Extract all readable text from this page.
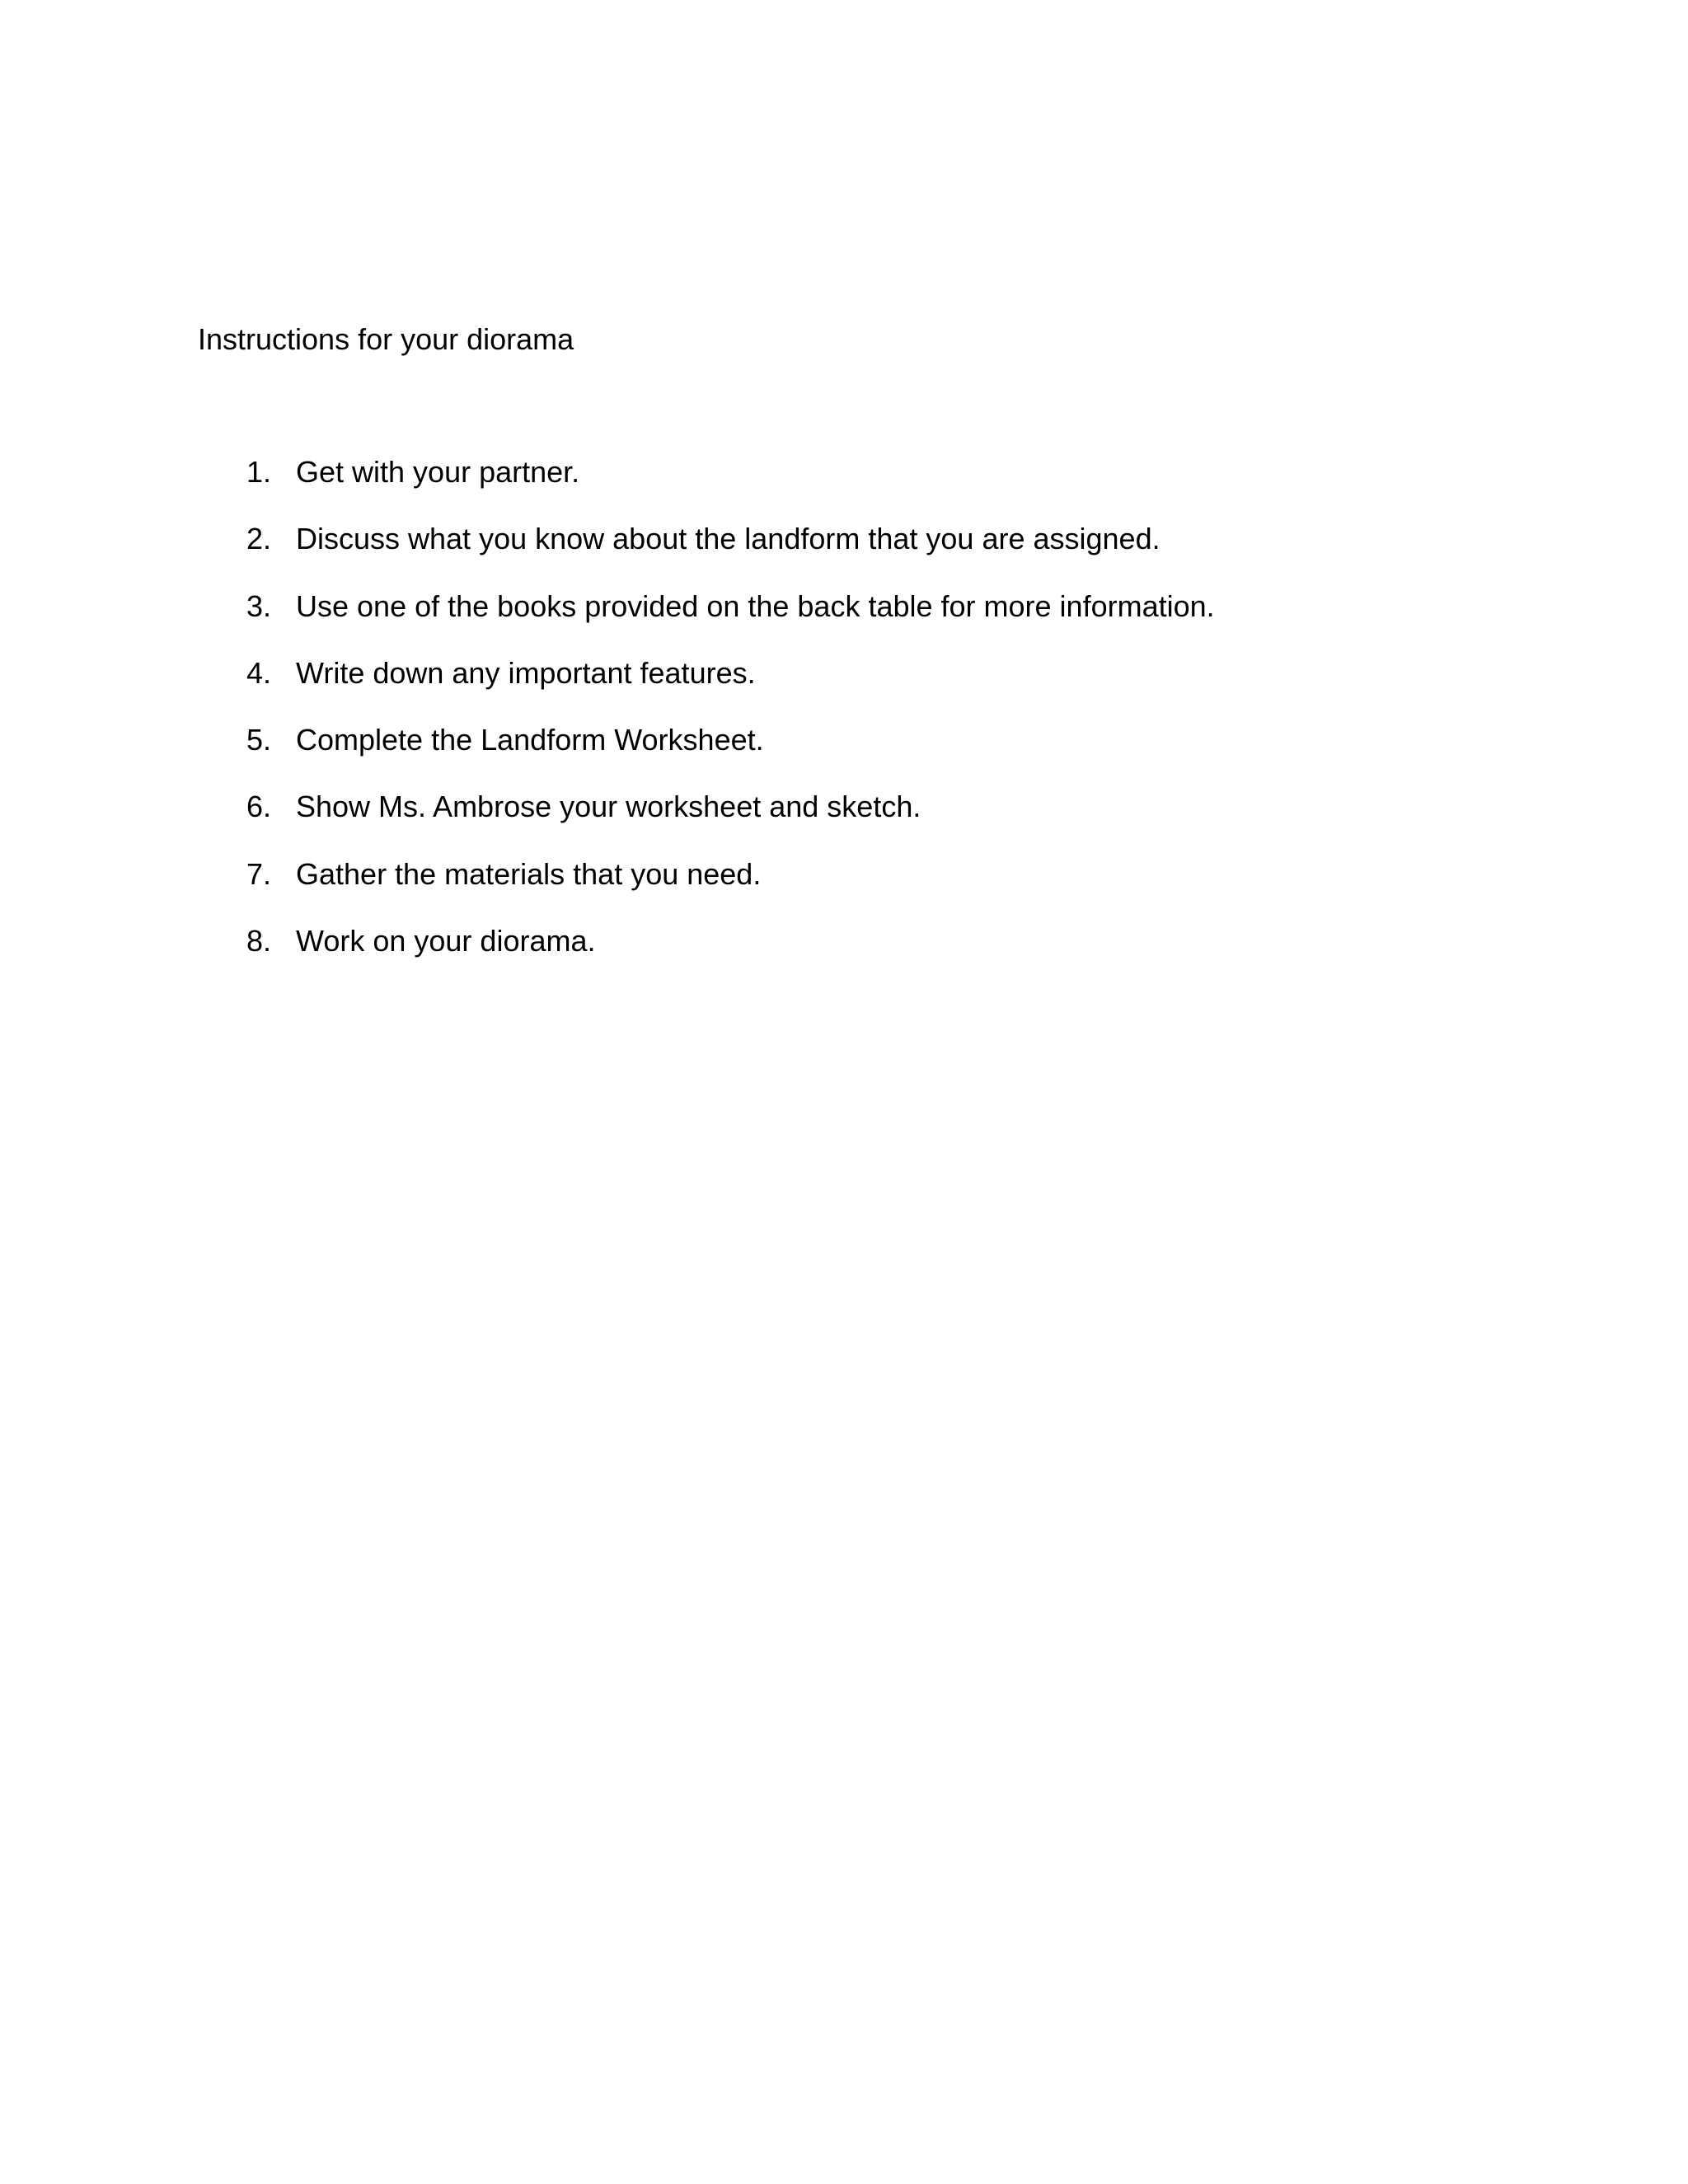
Instructions for your diorama
1. Get with your partner.
2. Discuss what you know about the landform that you are assigned.
3. Use one of the books provided on the back table for more information.
4. Write down any important features.
5. Complete the Landform Worksheet.
6. Show Ms. Ambrose your worksheet and sketch.
7. Gather the materials that you need.
8. Work on your diorama.
